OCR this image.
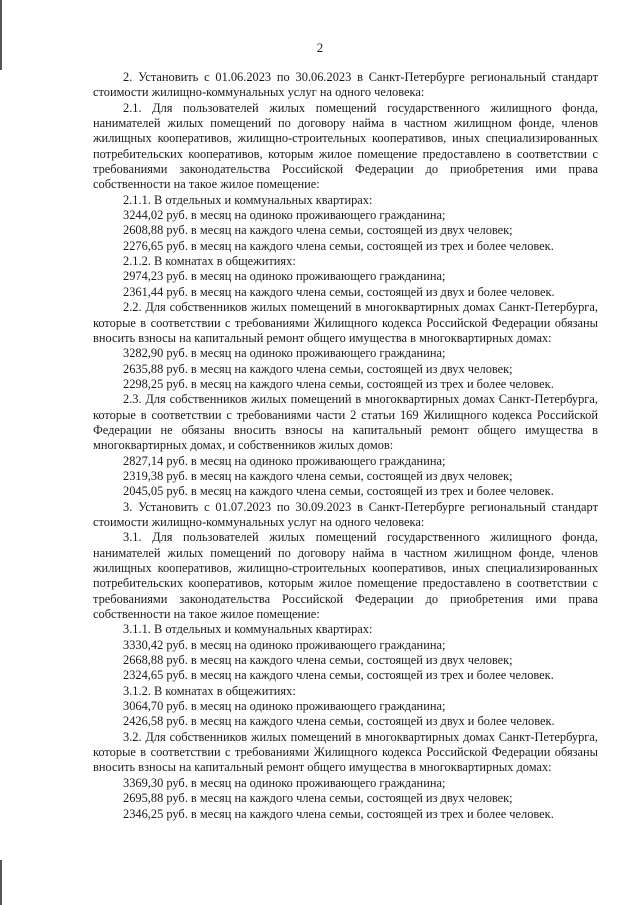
2

2. Установить с 01.06.2023 по 30.06.2023 в Санкт-Петербурге региональный стандарт стоимости жилищно-коммунальных услуг на одного человека:

2.1. Для пользователей жилых помещений государственного жилищного фонда, нанимателей жилых помещений по договору найма в частном жилищном фонде, членов жилищных кооперативов, жилищно-строительных кооперативов, иных специализированных потребительских кооперативов, которым жилое помещение предоставлено в соответствии с требованиями законодательства Российской Федерации до приобретения ими права собственности на такое жилое помещение:

2.1.1. В отдельных и коммунальных квартирах:

3244,02 руб. в месяц на одиноко проживающего гражданина;

2608,88 руб. в месяц на каждого члена семьи, состоящей из двух человек;

2276,65 руб. в месяц на каждого члена семьи, состоящей из трех и более человек.

2.1.2. В комнатах в общежитиях:

2974,23 руб. в месяц на одиноко проживающего гражданина;

2361,44 руб. в месяц на каждого члена семьи, состоящей из двух и более человек.

2.2. Для собственников жилых помещений в многоквартирных домах Санкт-Петербурга, которые в соответствии с требованиями Жилищного кодекса Российской Федерации обязаны вносить взносы на капитальный ремонт общего имущества в многоквартирных домах:

3282,90 руб. в месяц на одиноко проживающего гражданина;

2635,88 руб. в месяц на каждого члена семьи, состоящей из двух человек;

2298,25 руб. в месяц на каждого члена семьи, состоящей из трех и более человек.

2.3. Для собственников жилых помещений в многоквартирных домах Санкт-Петербурга, которые в соответствии с требованиями части 2 статьи 169 Жилищного кодекса Российской Федерации не обязаны вносить взносы на капитальный ремонт общего имущества в многоквартирных домах, и собственников жилых домов:

2827,14 руб. в месяц на одиноко проживающего гражданина;

2319,38 руб. в месяц на каждого члена семьи, состоящей из двух человек;

2045,05 руб. в месяц на каждого члена семьи, состоящей из трех и более человек.

3. Установить с 01.07.2023 по 30.09.2023 в Санкт-Петербурге региональный стандарт стоимости жилищно-коммунальных услуг на одного человека:

3.1. Для пользователей жилых помещений государственного жилищного фонда, нанимателей жилых помещений по договору найма в частном жилищном фонде, членов жилищных кооперативов, жилищно-строительных кооперативов, иных специализированных потребительских кооперативов, которым жилое помещение предоставлено в соответствии с требованиями законодательства Российской Федерации до приобретения ими права собственности на такое жилое помещение:

3.1.1. В отдельных и коммунальных квартирах:

3330,42 руб. в месяц на одиноко проживающего гражданина;

2668,88 руб. в месяц на каждого члена семьи, состоящей из двух человек;

2324,65 руб. в месяц на каждого члена семьи, состоящей из трех и более человек.

3.1.2. В комнатах в общежитиях:

3064,70 руб. в месяц на одиноко проживающего гражданина;

2426,58 руб. в месяц на каждого члена семьи, состоящей из двух и более человек.

3.2. Для собственников жилых помещений в многоквартирных домах Санкт-Петербурга, которые в соответствии с требованиями Жилищного кодекса Российской Федерации обязаны вносить взносы на капитальный ремонт общего имущества в многоквартирных домах:

3369,30 руб. в месяц на одиноко проживающего гражданина;

2695,88 руб. в месяц на каждого члена семьи, состоящей из двух человек;

2346,25 руб. в месяц на каждого члена семьи, состоящей из трех и более человек.
